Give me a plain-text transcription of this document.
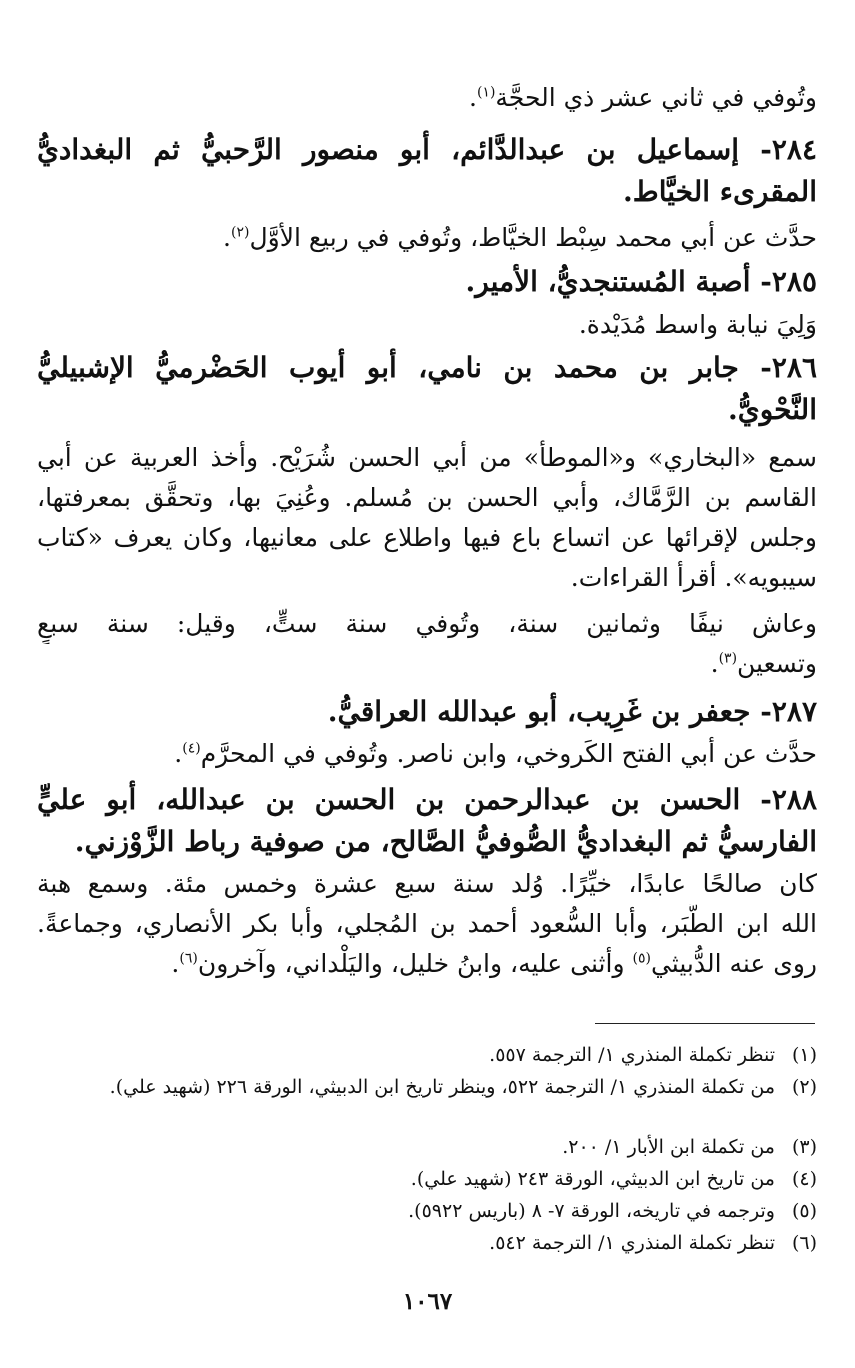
وتُوفي في ثاني عشر ذي الحجَّة$^{(١)}$.
٢٨٤- إسماعيل بن عبدالدَّائم، أبو منصور الرَّحبيُّ ثم البغداديُّ
المقرىء الخيَّاط.
حدَّث عن أبي محمد سِبْط الخيَّاط، وتُوفي في ربيع الأوَّل$^{(٢)}$.
٢٨٥- أصبة المُستنجديُّ، الأمير.
وَلِيَ نيابة واسط مُدَيْدة.
٢٨٦- جابر بن محمد بن نامي، أبو أيوب الحَضْرميُّ الإشبيليُّ
النَّحْويُّ.
سمع «البخاري» و«الموطأ» من أبي الحسن شُرَيْح. وأخذ العربية عن أبي
القاسم بن الرَّمَّاك، وأبي الحسن بن مُسلم. وعُنِيَ بها، وتحقَّق بمعرفتها،
وجلس لإقرائها عن اتساع باع فيها واطلاع على معانيها، وكان يعرف «كتاب
سيبويه». أقرأ القراءات.
وعاش نيفًا وثمانين سنة، وتُوفي سنة ستٍّ، وقيل: سنة سبعٍ
وتسعين$^{(٣)}$.
٢٨٧- جعفر بن غَرِيب، أبو عبدالله العراقيُّ.
حدَّث عن أبي الفتح الكَروخي، وابن ناصر. وتُوفي في المحرَّم$^{(٤)}$.
٢٨٨- الحسن بن عبدالرحمن بن الحسن بن عبدالله، أبو عليٍّ
الفارسيُّ ثم البغداديُّ الصُّوفيُّ الصَّالح، من صوفية رباط الزَّوْزني.
كان صالحًا عابدًا، خيِّرًا. وُلد سنة سبع عشرة وخمس مئة. وسمع هبة
الله ابن الطَّبَر، وأبا السُّعود أحمد بن المُجلي، وأبا بكر الأنصاري، وجماعةً.
روى عنه الدُّبيثي$^{(٥)}$ وأثنى عليه، وابنُ خليل، واليَلْداني، وآخرون$^{(٦)}$.
(١)تنظر تكملة المنذري ١/ الترجمة ٥٥٧.
(٢)من تكملة المنذري ١/ الترجمة ٥٢٢، وينظر تاريخ ابن الدبيثي، الورقة ٢٢٦ (شهيد علي).
(٣)من تكملة ابن الأبار ١/ ٢٠٠.
(٤)من تاريخ ابن الدبيثي، الورقة ٢٤٣ (شهيد علي).
(٥)وترجمه في تاريخه، الورقة ٧- ٨ (باريس ٥٩٢٢).
(٦)تنظر تكملة المنذري ١/ الترجمة ٥٤٢.
١٠٦٧
